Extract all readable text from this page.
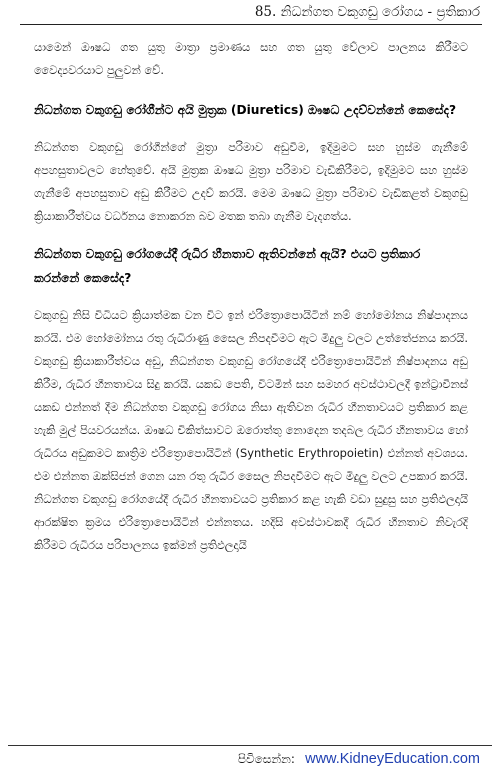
85. නිධන්ගත වකුගඩු රෝගය - ප්‍රතිකාර

යාමෙන් ඖෂධ ගත යුතු මාත්‍රා ප්‍රමාණය සහ ගත යුතු වේලාව පාලනය කිරීමට වෛද්‍යවරයාට පුලුවන් වේ.

නිධන්ගත වකුගඩු රෝගීන්ට අයි මුත්‍රක (Diuretics) ඖෂධ උදව්වන්නේ කෙසේද?

නිධන්ගත වකුගඩු රෝගීන්ගේ මුත්‍රා පරිමාව අඩුවීම, ඉදිමුමට සහ හුස්ම ගැනීමේ අපහසුතාවලට හේතුවේ. අයි මුත්‍රක ඖෂධ මුත්‍රා පරිමාව වැඩිකිරීමට, ඉදිමුමට සහ හුස්ම ගැනීමේ අපහසුතාව අඩු කිරීමට උදව් කරයි. මෙම ඖෂධ මුත්‍රා පරිමාව වැඩිකළත් වකුගඩු ක්‍රියාකාරීත්වය වර්ධනය නොකරන බව මතක තබා ගැනීම වැදගත්ය.

නිධන්ගත වකුගඩු රෝගයේදී රුධිර හීනතාව ඇතිවන්නේ ඇයි? එයට ප්‍රතිකාර කරන්නේ කෙසේද?

වකුගඩු නිසි විධියට ක්‍රියාත්මක වන විට ඉන් එරිත්‍රොපොයිටින් නම් හෝමෝනය නිෂ්පාදනය කරයි. එම හෝමෝනය රතු රුධිරාණු සෛල නිපදවීමට ඇට මිදුලු වලට උත්තේජනය කරයි. වකුගඩු ක්‍රියාකාරීත්වය අඩු, නිධන්ගත වකුගඩු රෝගයේදී එරිත්‍රොපොයිටින් නිෂ්පාදනය අඩු කිරීම, රුධිර හීනතාවය සිදු කරයි. යකඩ පෙති, විටමින් සහ සමහර අවස්ථාවලදී ඉන්ට්‍රාවීනස් යකඩ එන්නත් දීම නිධන්ගත වකුගඩු රෝගය නිසා ඇතිවන රුධිර හීනතාවයට ප්‍රතිකාර කළ හැකි මුල් පියවරයන්ය. ඖෂධ චිකිත්සාවට ඔරොත්තු නොදෙන තදබල රුධිර හීනතාවය හෝ රුධිරය අඩුකමට කෘත්‍රිම එරිත්‍රොපොයිටින් (Synthetic Erythropoietin) එන්නත් අවශ්‍යය. එම එන්නත ඔක්සිජන් ගෙන යන රතු රුධිර සෛල නිපදවීමට ඇට මිදුලු වලට උපකාර කරයි. නිධන්ගත වකුගඩු රෝගයේදී රුධිර හීනතාවයට ප්‍රතිකාර කළ හැකි වඩා සුදුසු සහ ප්‍රතිඵලදායි ආරක්ෂිත ක්‍රමය එරිත්‍රොපොයිටින් එන්නතය. හදිසි අවස්ථාවකදී රුධිර හීනතාව නිවැරදි කිරීමට රුධිරය පරිපාලනය ඉක්මන් ප්‍රතිඵලදායි

පිවිසෙන්න: www.KidneyEducation.com
